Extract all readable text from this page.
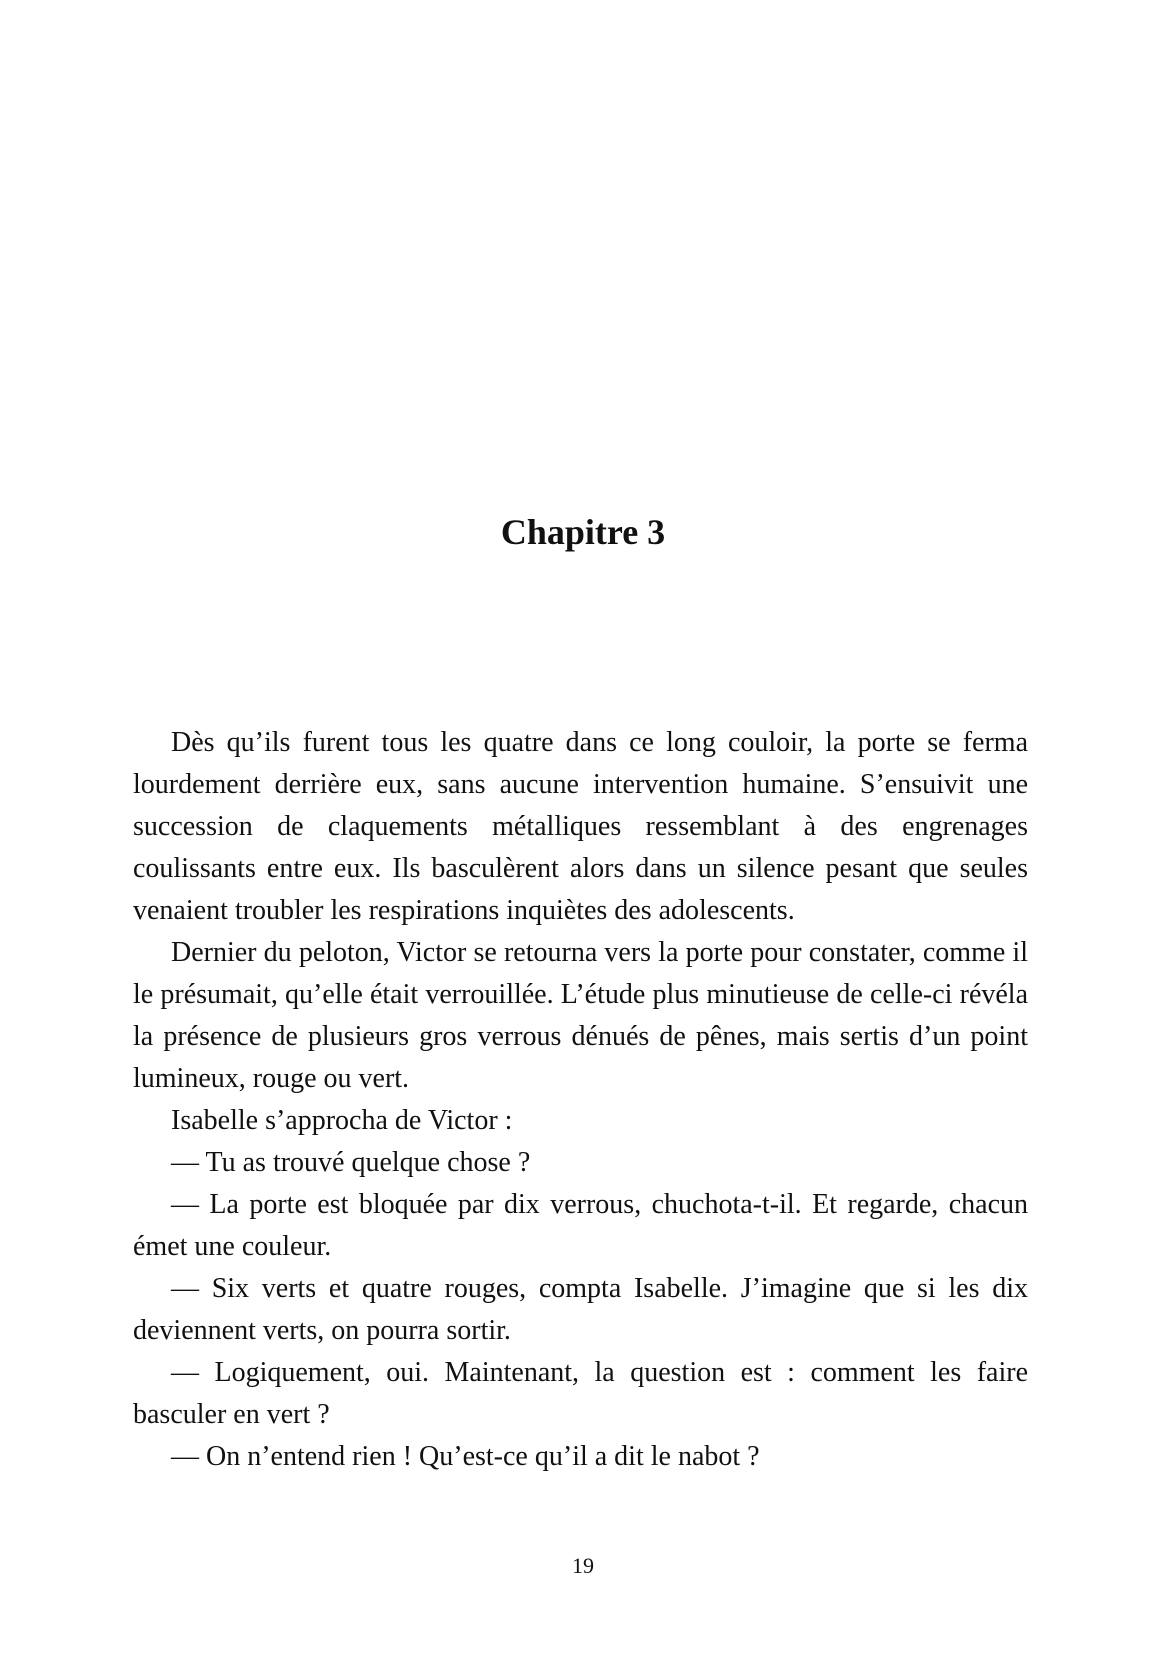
Chapitre 3

Dès qu’ils furent tous les quatre dans ce long couloir, la porte se ferma lourdement derrière eux, sans aucune intervention humaine. S’ensuivit une succession de claquements métalliques ressemblant à des engrenages coulissants entre eux. Ils basculèrent alors dans un silence pesant que seules venaient troubler les respirations inquiètes des adolescents.

Dernier du peloton, Victor se retourna vers la porte pour constater, comme il le présumait, qu’elle était verrouillée. L’étude plus minutieuse de celle-ci révéla la présence de plusieurs gros verrous dénués de pênes, mais sertis d’un point lumineux, rouge ou vert.

Isabelle s’approcha de Victor :

— Tu as trouvé quelque chose ?

— La porte est bloquée par dix verrous, chuchota-t-il. Et regarde, chacun émet une couleur.

— Six verts et quatre rouges, compta Isabelle. J’imagine que si les dix deviennent verts, on pourra sortir.

— Logiquement, oui. Maintenant, la question est : comment les faire basculer en vert ?

— On n’entend rien ! Qu’est-ce qu’il a dit le nabot ?

19
